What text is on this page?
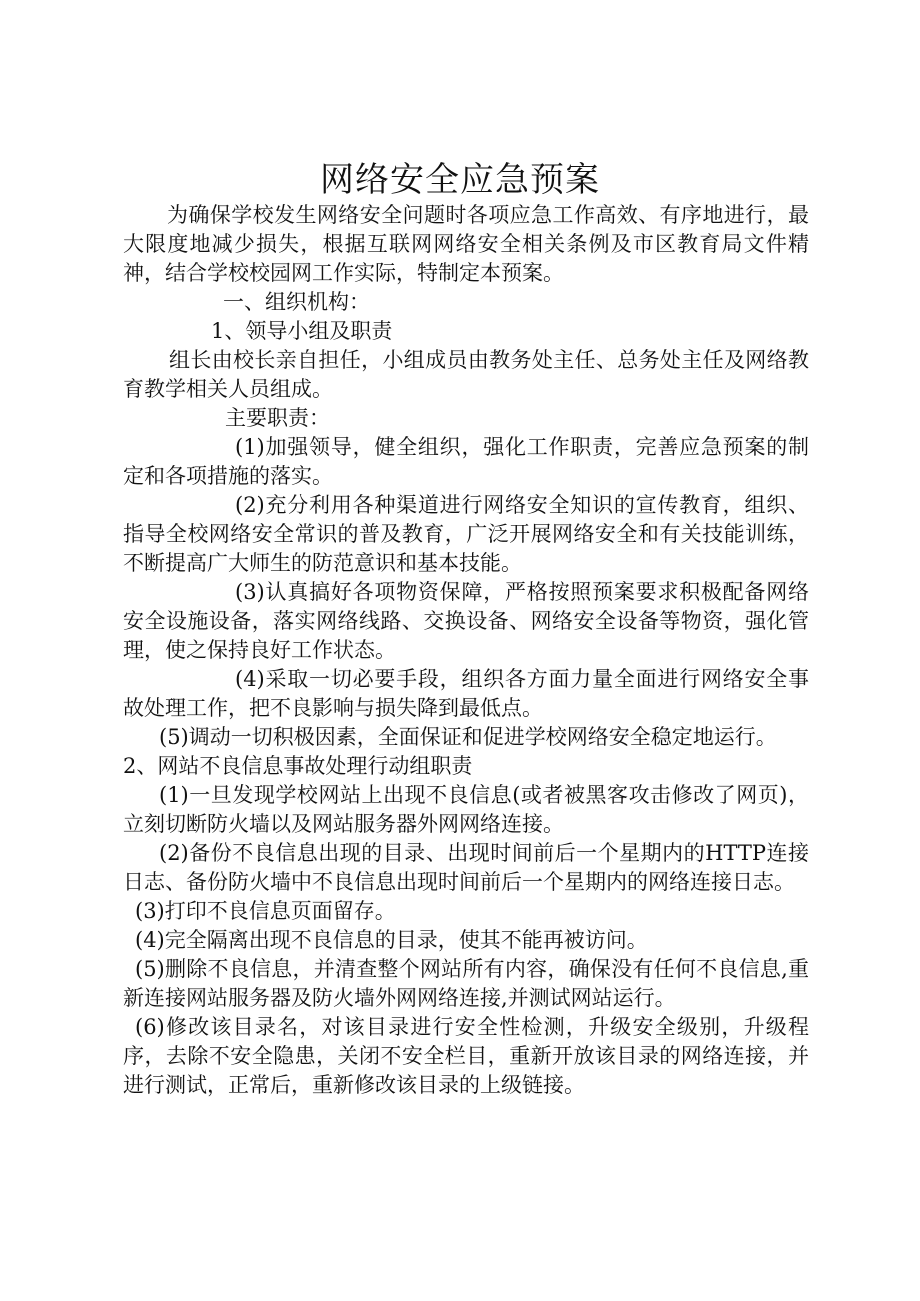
网络安全应急预案

为确保学校发生网络安全问题时各项应急工作高效、有序地进行，最大限度地减少损失，根据互联网网络安全相关条例及市区教育局文件精神，结合学校校园网工作实际，特制定本预案。

一、组织机构：

1、领导小组及职责

组长由校长亲自担任，小组成员由教务处主任、总务处主任及网络教育教学相关人员组成。

主要职责：

(1)加强领导，健全组织，强化工作职责，完善应急预案的制定和各项措施的落实。

(2)充分利用各种渠道进行网络安全知识的宣传教育，组织、指导全校网络安全常识的普及教育，广泛开展网络安全和有关技能训练，不断提高广大师生的防范意识和基本技能。

(3)认真搞好各项物资保障，严格按照预案要求积极配备网络安全设施设备，落实网络线路、交换设备、网络安全设备等物资，强化管理，使之保持良好工作状态。

(4)采取一切必要手段，组织各方面力量全面进行网络安全事故处理工作，把不良影响与损失降到最低点。

(5)调动一切积极因素，全面保证和促进学校网络安全稳定地运行。

2、网站不良信息事故处理行动组职责

(1)一旦发现学校网站上出现不良信息(或者被黑客攻击修改了网页)，立刻切断防火墙以及网站服务器外网网络连接。

(2)备份不良信息出现的目录、出现时间前后一个星期内的HTTP连接日志、备份防火墙中不良信息出现时间前后一个星期内的网络连接日志。

(3)打印不良信息页面留存。

(4)完全隔离出现不良信息的目录，使其不能再被访问。

(5)删除不良信息，并清查整个网站所有内容，确保没有任何不良信息,重新连接网站服务器及防火墙外网网络连接,并测试网站运行。

(6)修改该目录名，对该目录进行安全性检测，升级安全级别，升级程序，去除不安全隐患，关闭不安全栏目，重新开放该目录的网络连接，并进行测试，正常后，重新修改该目录的上级链接。
